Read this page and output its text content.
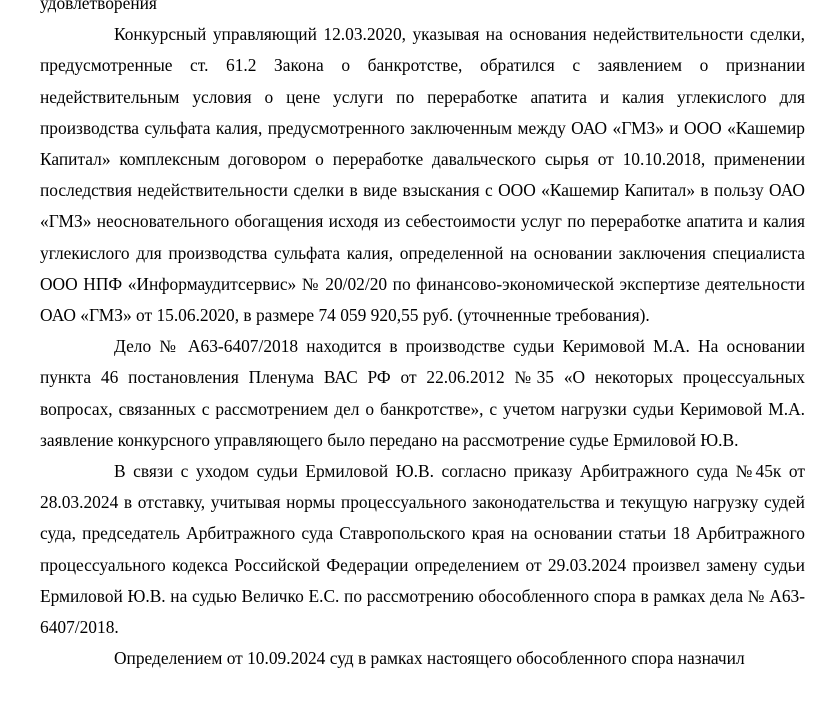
удовлетворения

Конкурсный управляющий 12.03.2020, указывая на основания недействительности сделки, предусмотренные ст. 61.2 Закона о банкротстве, обратился с заявлением о признании недействительным условия о цене услуги по переработке апатита и калия углекислого для производства сульфата калия, предусмотренного заключенным между ОАО «ГМЗ» и ООО «Кашемир Капитал» комплексным договором о переработке давальческого сырья от 10.10.2018, применении последствия недействительности сделки в виде взыскания с ООО «Кашемир Капитал» в пользу ОАО «ГМЗ» неосновательного обогащения исходя из себестоимости услуг по переработке апатита и калия углекислого для производства сульфата калия, определенной на основании заключения специалиста ООО НПФ «Информаудитсервис» № 20/02/20 по финансово-экономической экспертизе деятельности ОАО «ГМЗ» от 15.06.2020, в размере 74 059 920,55 руб. (уточненные требования).

Дело № А63-6407/2018 находится в производстве судьи Керимовой М.А. На основании пункта 46 постановления Пленума ВАС РФ от 22.06.2012 №35 «О некоторых процессуальных вопросах, связанных с рассмотрением дел о банкротстве», с учетом нагрузки судьи Керимовой М.А. заявление конкурсного управляющего было передано на рассмотрение судье Ермиловой Ю.В.

В связи с уходом судьи Ермиловой Ю.В. согласно приказу Арбитражного суда №45к от 28.03.2024 в отставку, учитывая нормы процессуального законодательства и текущую нагрузку судей суда, председатель Арбитражного суда Ставропольского края на основании статьи 18 Арбитражного процессуального кодекса Российской Федерации определением от 29.03.2024 произвел замену судьи Ермиловой Ю.В. на судью Величко Е.С. по рассмотрению обособленного спора в рамках дела № А63-6407/2018.

Определением от 10.09.2024 суд в рамках настоящего обособленного спора назначил
